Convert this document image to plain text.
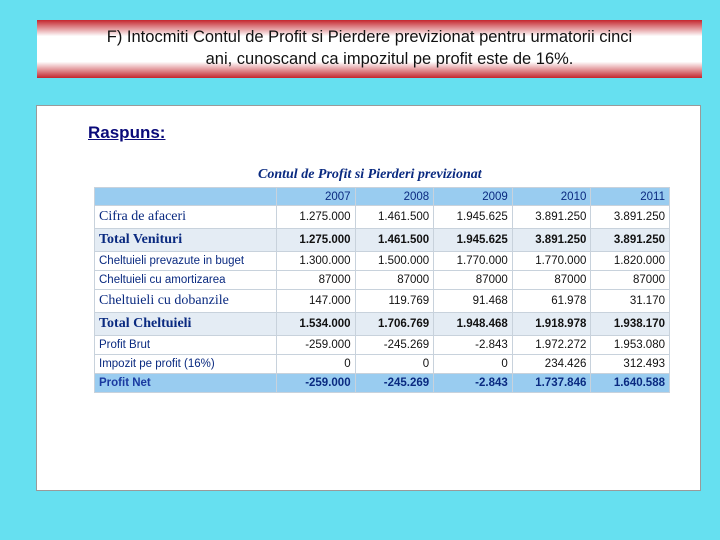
F) Intocmiti Contul de Profit si Pierdere previzionat pentru urmatorii cinci
ani, cunoscand ca impozitul pe profit este de 16%.
Raspuns:
Contul de Profit si Pierderi previzionat
	2007	2008	2009	2010	2011
Cifra de afaceri	1.275.000	1.461.500	1.945.625	3.891.250	3.891.250
Total Venituri	1.275.000	1.461.500	1.945.625	3.891.250	3.891.250
Cheltuieli prevazute in buget	1.300.000	1.500.000	1.770.000	1.770.000	1.820.000
Cheltuieli cu amortizarea	87000	87000	87000	87000	87000
Cheltuieli cu dobanzile	147.000	119.769	91.468	61.978	31.170
Total Cheltuieli	1.534.000	1.706.769	1.948.468	1.918.978	1.938.170
Profit Brut	-259.000	-245.269	-2.843	1.972.272	1.953.080
Impozit pe profit (16%)	0	0	0	234.426	312.493
Profit Net	-259.000	-245.269	-2.843	1.737.846	1.640.588
